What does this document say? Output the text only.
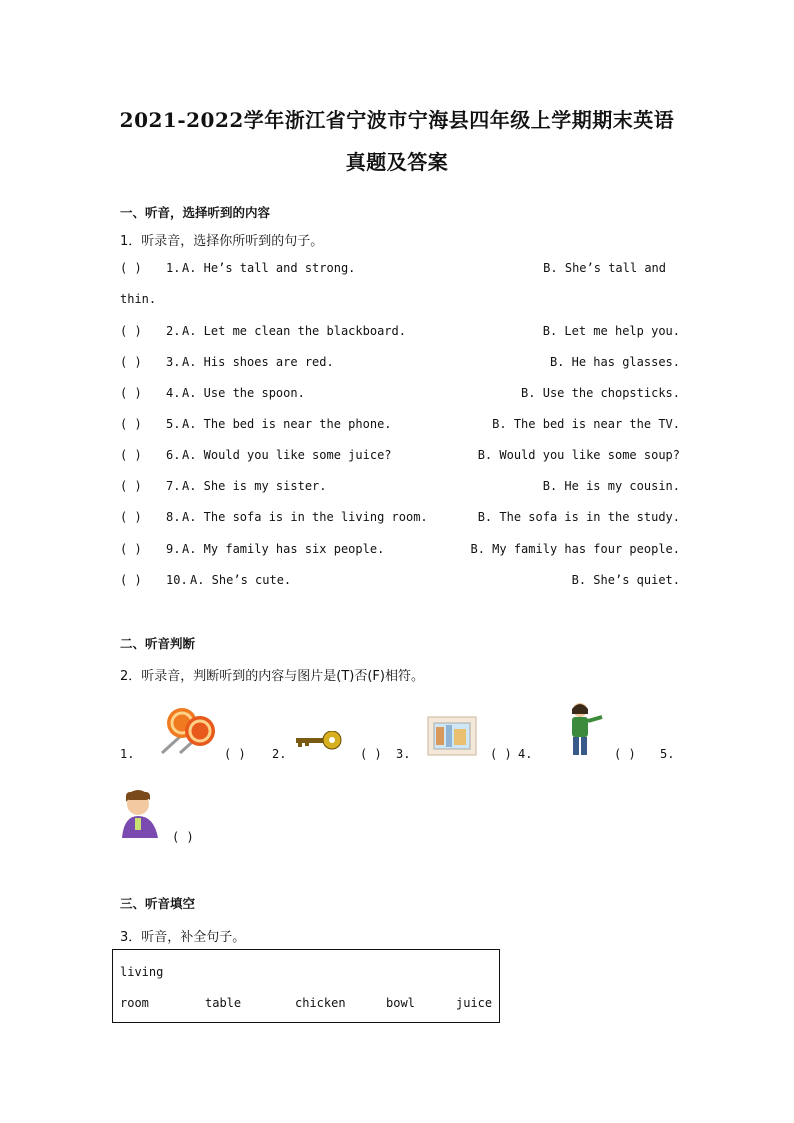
2021-2022学年浙江省宁波市宁海县四年级上学期期末英语
真题及答案
一、听音，选择听到的内容
1．听录音，选择你所听到的句子。
( ) 1. A. He’s tall and strong.	B. She’s tall and
thin.
( ) 2. A. Let me clean the blackboard.	B. Let me help you.
( ) 3. A. His shoes are red.	B. He has glasses.
( ) 4. A. Use the spoon.	B. Use the chopsticks.
( ) 5. A. The bed is near the phone.	B. The bed is near the TV.
( ) 6. A. Would you like some juice?	B. Would you like some soup?
( ) 7. A. She is my sister.	B. He is my cousin.
( ) 8. A. The sofa is in the living room.	B. The sofa is in the study.
( ) 9. A. My family has six people.	B. My family has four people.
( ) 10. A. She’s cute.	B. She’s quiet.
二、听音判断
2．听录音，判断听到的内容与图片是(T)否(F)相符。
1.	( ) 2.	( ) 3.	( ) 4.	( ) 5.
( )
三、听音填空
3．听音，补全句子。
living
room	table	chicken	bowl	juice
